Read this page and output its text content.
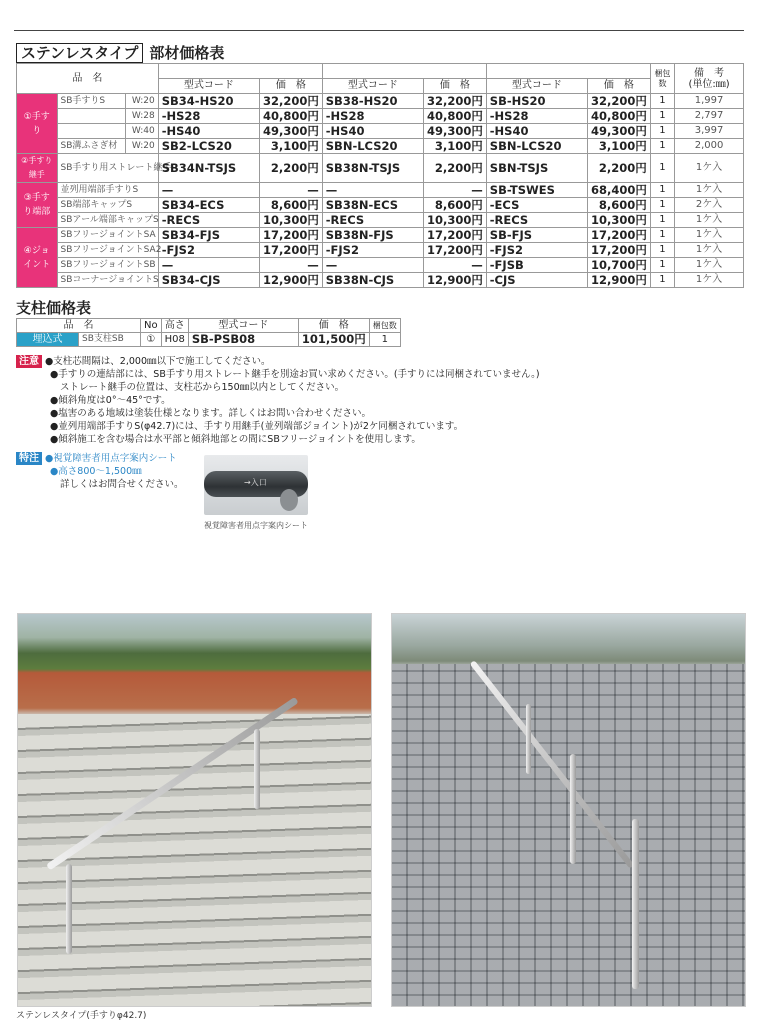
ステンレスタイプ 部材価格表
品　名			φ34		φ38		φ42.7		梱包数	備　考
(単位:㎜)
			型式コード	価　格	型式コード	価　格	型式コード	価　格		
①手すり	SB手すりS	W:20	SB34-HS20	32,200円	SB38-HS20	32,200円	SB-HS20	32,200円	1	1,997
		W:28	-HS28	40,800円	-HS28	40,800円	-HS28	40,800円	1	2,797
		W:40	-HS40	49,300円	-HS40	49,300円	-HS40	49,300円	1	3,997
	SB溝ふさぎ材	W:20	SB2-LCS20	3,100円	SBN-LCS20	3,100円	SBN-LCS20	3,100円	1	2,000
②手すり継手	SB手すり用ストレート継手		SB34N-TSJS	2,200円	SB38N-TSJS	2,200円	SBN-TSJS	2,200円	1	1ケ入
③手すり端部	並列用端部手すりS		—	—	—	—	SB-TSWES	68,400円	1	1ケ入
	SB端部キャップS		SB34-ECS	8,600円	SB38N-ECS	8,600円	-ECS	8,600円	1	2ケ入
	SBアール端部キャップS		-RECS	10,300円	-RECS	10,300円	-RECS	10,300円	1	1ケ入
④ジョイント	SBフリージョイントSA		SB34-FJS	17,200円	SB38N-FJS	17,200円	SB-FJS	17,200円	1	1ケ入
	SBフリージョイントSA2		-FJS2	17,200円	-FJS2	17,200円	-FJS2	17,200円	1	1ケ入
	SBフリージョイントSB		—	—	—	—	-FJSB	10,700円	1	1ケ入
	SBコーナージョイントS		SB34-CJS	12,900円	SB38N-CJS	12,900円	-CJS	12,900円	1	1ケ入
支柱価格表
品　名		No	高さ	型式コード	価　格	梱包数
埋込式	SB支柱SB	①	H08	SB-PSB08	101,500円	1
注意 ●支柱芯間隔は、2,000㎜以下で施工してください。
●手すりの連結部には、SB手すり用ストレート継手を別途お買い求めください。(手すりには同梱されていません。)
ストレート継手の位置は、支柱芯から150㎜以内としてください。
●傾斜角度は0°〜45°です。
●塩害のある地域は塗装仕様となります。詳しくはお問い合わせください。
●並列用端部手すりS(φ42.7)には、手すり用継手(並列端部ジョイント)が2ケ同梱されています。
●傾斜施工を含む場合は水平部と傾斜地部との間にSBフリージョイントを使用します。
特注 ●視覚障害者用点字案内シート
●高さ800〜1,500㎜
詳しくはお問合せください。	→入口
視覚障害者用点字案内シート
ステンレスタイプ(手すりφ42.7)
